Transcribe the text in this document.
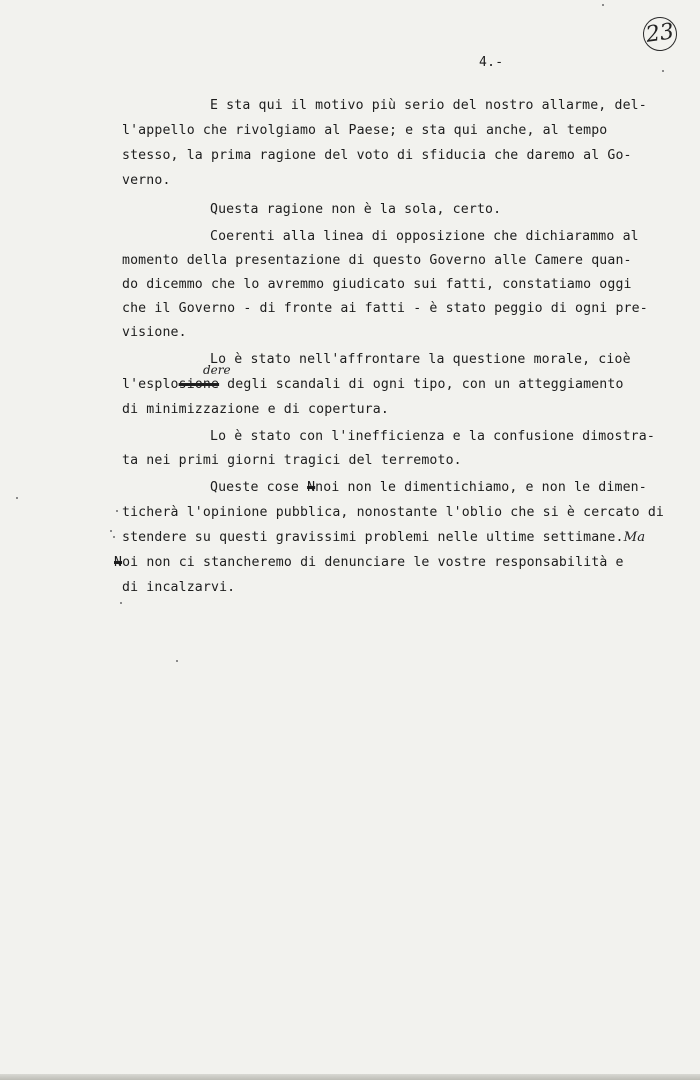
23
4.-
E sta qui il motivo più serio del nostro allarme, del-
l'appello che rivolgiamo al Paese; e sta qui anche, al tempo
stesso, la prima ragione del voto di sfiducia che daremo al Go-
verno.
Questa ragione non è la sola, certo.
Coerenti alla linea di opposizione che dichiarammo al
momento della presentazione di questo Governo alle Camere quan-
do dicemmo che lo avremmo giudicato sui fatti, constatiamo oggi
che il Governo - di fronte ai fatti - è stato peggio di ogni pre-
visione.
Lo è stato nell'affrontare la questione morale, cioè
l'esplosione degli scandali di ogni tipo, con un atteggiamento
dere
di minimizzazione e di copertura.
Lo è stato con l'inefficienza e la confusione dimostra-
ta nei primi giorni tragici del terremoto.
Queste cose Nnoi non le dimentichiamo, e non le dimen-
ticherà l'opinione pubblica, nonostante l'oblio che si è cercato di
stendere su questi gravissimi problemi nelle ultime settimane.Ma
Noi non ci stancheremo di denunciare le vostre responsabilità e
di incalzarvi.
